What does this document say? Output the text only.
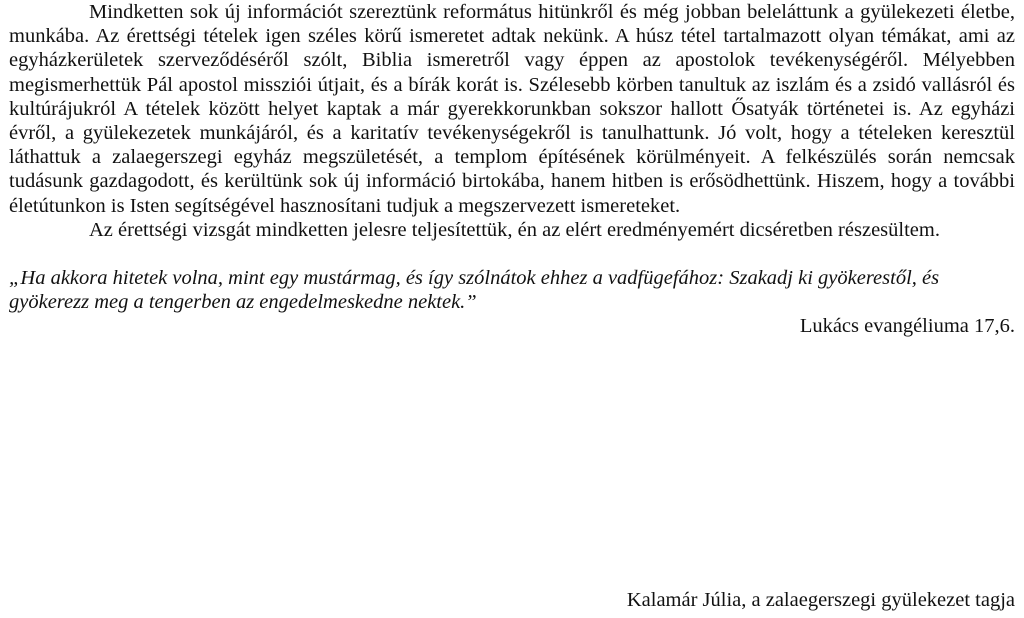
Mindketten sok új információt szereztünk református hitünkről és még jobban beleláttunk a gyülekezeti életbe, munkába. Az érettségi tételek igen széles körű ismeretet adtak nekünk. A húsz tétel tartalmazott olyan témákat, ami az egyházkerületek szerveződéséről szólt, Biblia ismeretről vagy éppen az apostolok tevékenységéről. Mélyebben megismerhettük Pál apostol missziói útjait, és a bírák korát is. Szélesebb körben tanultuk az iszlám és a zsidó vallásról és kultúrájukról A tételek között helyet kaptak a már gyerekkorunkban sokszor hallott Ősatyák történetei is. Az egyházi évről, a gyülekezetek munkájáról, és a karitatív tevékenységekről is tanulhattunk. Jó volt, hogy a tételeken keresztül láthattuk a zalaegerszegi egyház megszületését, a templom építésének körülményeit. A felkészülés során nemcsak tudásunk gazdagodott, és kerültünk sok új információ birtokába, hanem hitben is erősödhettünk. Hiszem, hogy a további életútunkon is Isten segítségével hasznosítani tudjuk a megszervezett ismereteket.

Az érettségi vizsgát mindketten jelesre teljesítettük, én az elért eredményemért dicséretben részesültem.

„Ha akkora hitetek volna, mint egy mustármag, és így szólnátok ehhez a vadfügefához: Szakadj ki gyökerestől, és gyökerezz meg a tengerben az engedelmeskedne nektek.”
Lukács evangéliuma 17,6.
Kalamár Júlia, a zalaegerszegi gyülekezet tagja
